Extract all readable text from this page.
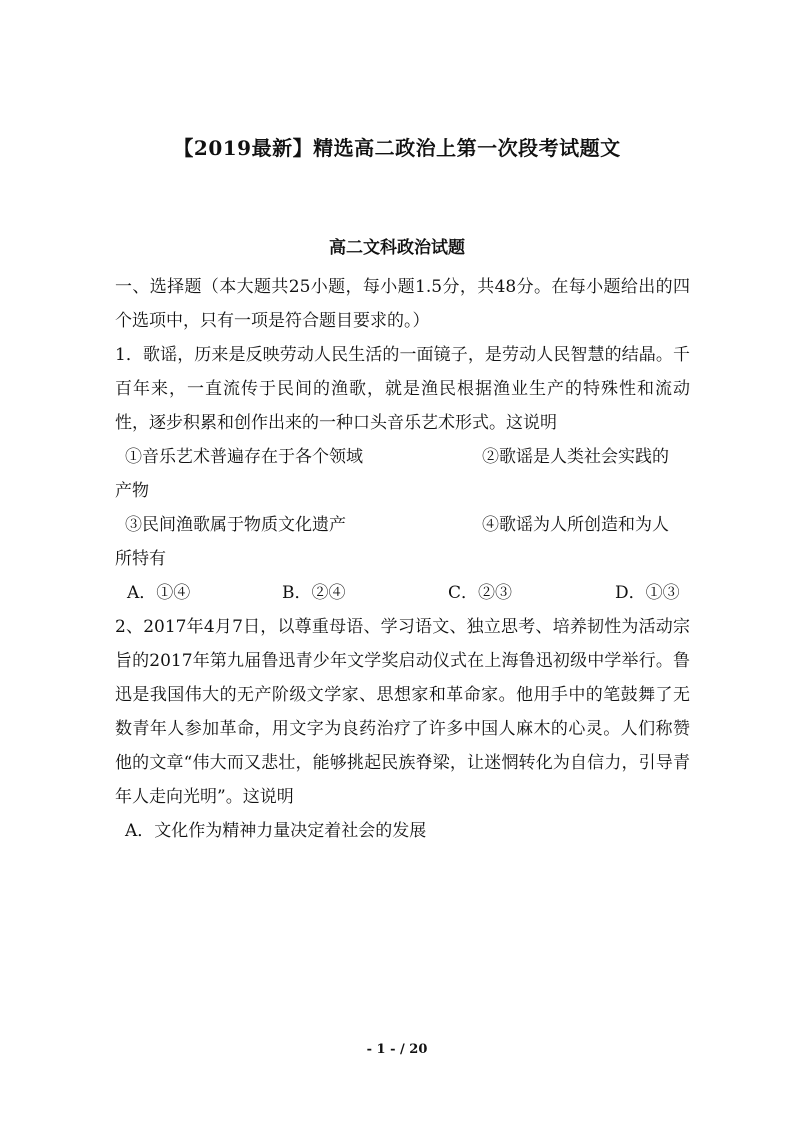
【2019最新】精选高二政治上第一次段考试题文
高二文科政治试题

一、选择题（本大题共25小题，每小题1.5分，共48分。在每小题给出的四个选项中，只有一项是符合题目要求的。）

1．歌谣，历来是反映劳动人民生活的一面镜子，是劳动人民智慧的结晶。千百年来，一直流传于民间的渔歌，就是渔民根据渔业生产的特殊性和流动性，逐步积累和创作出来的一种口头音乐艺术形式。这说明

①音乐艺术普遍存在于各个领域	②歌谣是人类社会实践的

产物

③民间渔歌属于物质文化遗产	④歌谣为人所创造和为人

所特有

A．①④	B．②④	C．②③	D．①③

2、2017年4月7日，以尊重母语、学习语文、独立思考、培养韧性为活动宗旨的2017年第九届鲁迅青少年文学奖启动仪式在上海鲁迅初级中学举行。鲁迅是我国伟大的无产阶级文学家、思想家和革命家。他用手中的笔鼓舞了无数青年人参加革命，用文字为良药治疗了许多中国人麻木的心灵。人们称赞他的文章“伟大而又悲壮，能够挑起民族脊梁，让迷惘转化为自信力，引导青年人走向光明”。这说明

A．文化作为精神力量决定着社会的发展

- 1 - / 20
